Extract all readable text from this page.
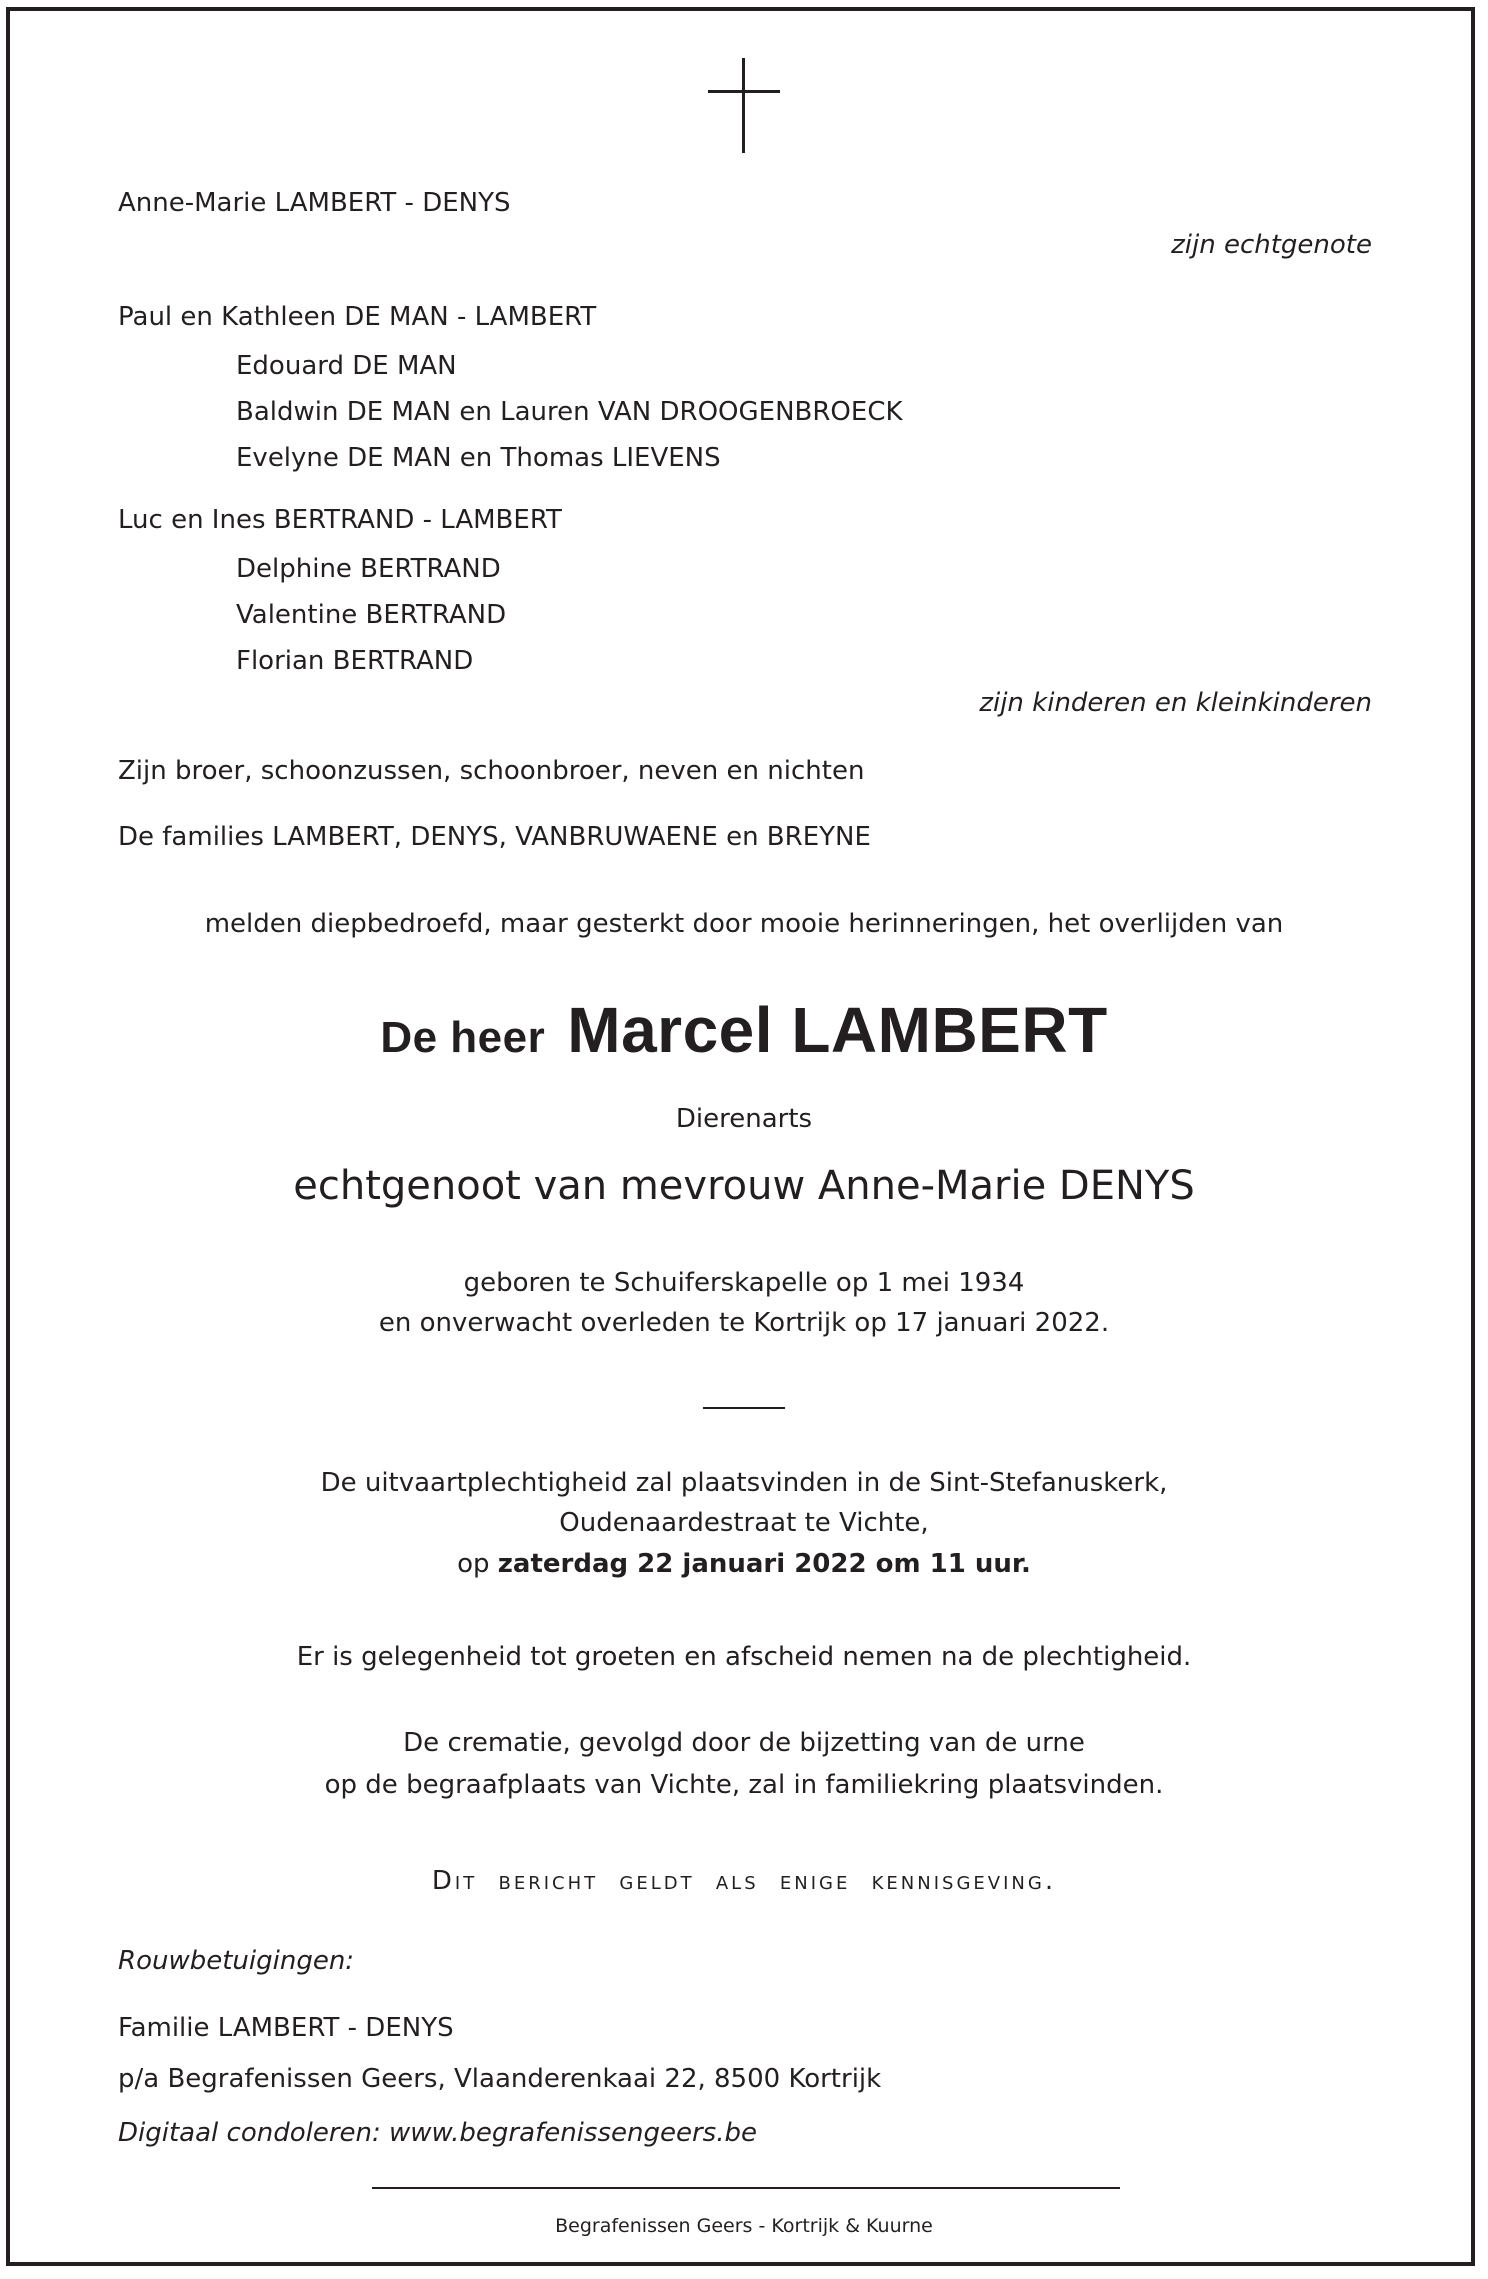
Anne-Marie LAMBERT - DENYS
zijn echtgenote
Paul en Kathleen DE MAN - LAMBERT
Edouard DE MAN
Baldwin DE MAN en Lauren VAN DROOGENBROECK
Evelyne DE MAN en Thomas LIEVENS
Luc en Ines BERTRAND - LAMBERT
Delphine BERTRAND
Valentine BERTRAND
Florian BERTRAND
zijn kinderen en kleinkinderen
Zijn broer, schoonzussen, schoonbroer, neven en nichten
De families LAMBERT, DENYS, VANBRUWAENE en BREYNE
melden diepbedroefd, maar gesterkt door mooie herinneringen, het overlijden van
De heer Marcel LAMBERT
Dierenarts
echtgenoot van mevrouw Anne-Marie DENYS
geboren te Schuiferskapelle op 1 mei 1934
en onverwacht overleden te Kortrijk op 17 januari 2022.
De uitvaartplechtigheid zal plaatsvinden in de Sint-Stefanuskerk,
Oudenaardestraat te Vichte,
op zaterdag 22 januari 2022 om 11 uur.
Er is gelegenheid tot groeten en afscheid nemen na de plechtigheid.
De crematie, gevolgd door de bijzetting van de urne
op de begraafplaats van Vichte, zal in familiekring plaatsvinden.
Dit bericht geldt als enige kennisgeving.
Rouwbetuigingen:
Familie LAMBERT - DENYS
p/a Begrafenissen Geers, Vlaanderenkaai 22, 8500 Kortrijk
Digitaal condoleren: www.begrafenissengeers.be
Begrafenissen Geers - Kortrijk & Kuurne
